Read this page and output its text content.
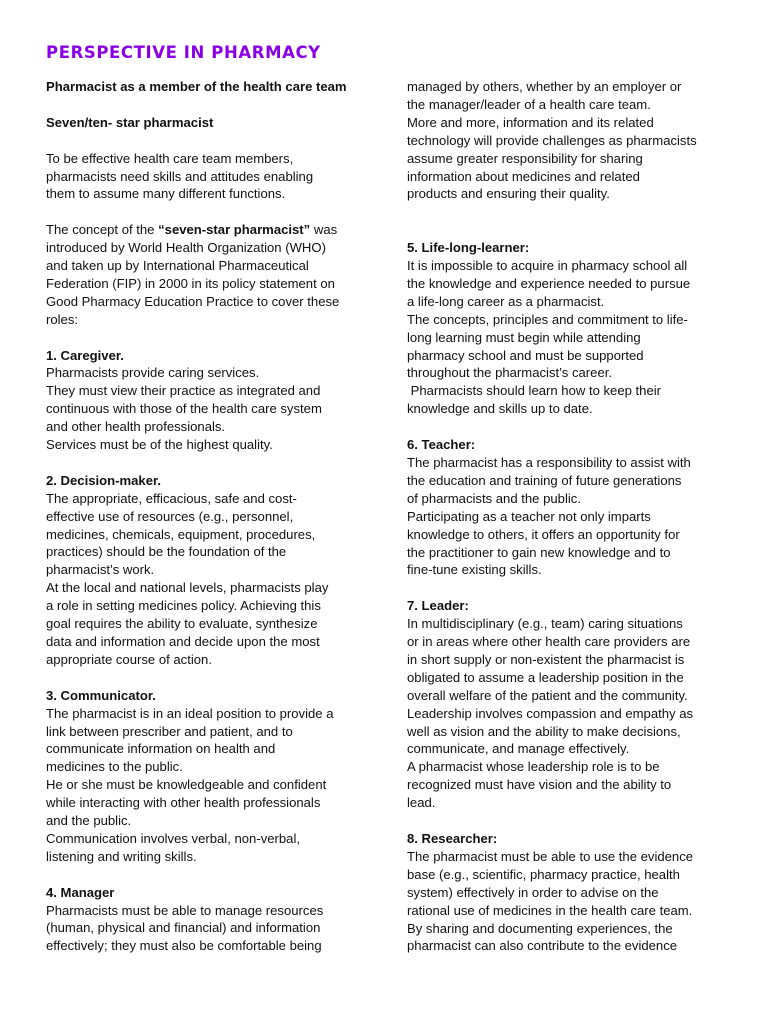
PERSPECTIVE IN PHARMACY
Pharmacist as a member of the health care team
Seven/ten- star pharmacist
To be effective health care team members,
pharmacists need skills and attitudes enabling
them to assume many different functions.
The concept of the “seven-star pharmacist” was
introduced by World Health Organization (WHO)
and taken up by International Pharmaceutical
Federation (FIP) in 2000 in its policy statement on
Good Pharmacy Education Practice to cover these
roles:
1. Caregiver.
Pharmacists provide caring services.
They must view their practice as integrated and
continuous with those of the health care system
and other health professionals.
Services must be of the highest quality.
2. Decision-maker.
The appropriate, efficacious, safe and cost-
effective use of resources (e.g., personnel,
medicines, chemicals, equipment, procedures,
practices) should be the foundation of the
pharmacist’s work.
At the local and national levels, pharmacists play
a role in setting medicines policy. Achieving this
goal requires the ability to evaluate, synthesize
data and information and decide upon the most
appropriate course of action.
3. Communicator.
The pharmacist is in an ideal position to provide a
link between prescriber and patient, and to
communicate information on health and
medicines to the public.
He or she must be knowledgeable and confident
while interacting with other health professionals
and the public.
Communication involves verbal, non-verbal,
listening and writing skills.
4. Manager
Pharmacists must be able to manage resources
(human, physical and financial) and information
effectively; they must also be comfortable being
managed by others, whether by an employer or
the manager/leader of a health care team.
More and more, information and its related
technology will provide challenges as pharmacists
assume greater responsibility for sharing
information about medicines and related
products and ensuring their quality.
5. Life-long-learner:
It is impossible to acquire in pharmacy school all
the knowledge and experience needed to pursue
a life-long career as a pharmacist.
The concepts, principles and commitment to life-
long learning must begin while attending
pharmacy school and must be supported
throughout the pharmacist’s career.
Pharmacists should learn how to keep their
knowledge and skills up to date.
6. Teacher:
The pharmacist has a responsibility to assist with
the education and training of future generations
of pharmacists and the public.
Participating as a teacher not only imparts
knowledge to others, it offers an opportunity for
the practitioner to gain new knowledge and to
fine-tune existing skills.
7. Leader:
In multidisciplinary (e.g., team) caring situations
or in areas where other health care providers are
in short supply or non-existent the pharmacist is
obligated to assume a leadership position in the
overall welfare of the patient and the community.
Leadership involves compassion and empathy as
well as vision and the ability to make decisions,
communicate, and manage effectively.
A pharmacist whose leadership role is to be
recognized must have vision and the ability to
lead.
8. Researcher:
The pharmacist must be able to use the evidence
base (e.g., scientific, pharmacy practice, health
system) effectively in order to advise on the
rational use of medicines in the health care team.
By sharing and documenting experiences, the
pharmacist can also contribute to the evidence
